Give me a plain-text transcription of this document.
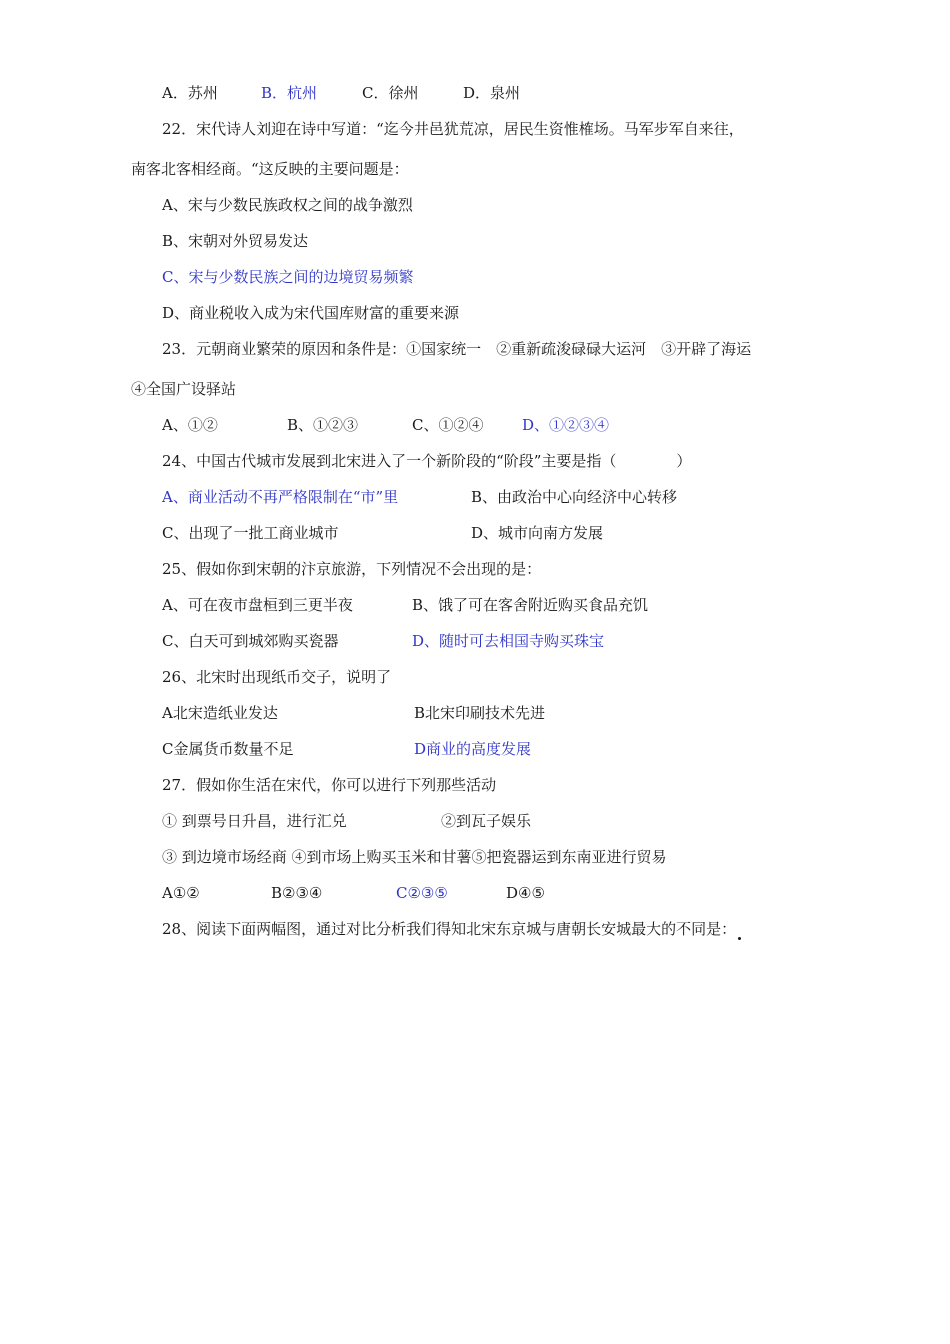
A．苏州	B．杭州	C．徐州	D．泉州
22．宋代诗人刘迎在诗中写道：“迄今井邑犹荒凉，居民生资惟榷场。马军步军自来往，
南客北客相经商。“这反映的主要问题是：
A、宋与少数民族政权之间的战争激烈
B、宋朝对外贸易发达
C、宋与少数民族之间的边境贸易频繁
D、商业税收入成为宋代国库财富的重要来源
23．元朝商业繁荣的原因和条件是：①国家统一　②重新疏浚碌碌大运河　③开辟了海运
④全国广设驿站
A、①②	B、①②③	C、①②④	D、①②③④
24、中国古代城市发展到北宋进入了一个新阶段的“阶段”主要是指（　　　　）
A、商业活动不再严格限制在“市”里	B、由政治中心向经济中心转移
C、出现了一批工商业城市	D、城市向南方发展
25、假如你到宋朝的汴京旅游，下列情况不会出现的是：
A、可在夜市盘桓到三更半夜	B、饿了可在客舍附近购买食品充饥
C、白天可到城郊购买瓷器	D、随时可去相国寺购买珠宝
26、北宋时出现纸币交子，说明了
A北宋造纸业发达	B北宋印刷技术先进
C金属货币数量不足	D商业的高度发展
27．假如你生活在宋代，你可以进行下列那些活动
① 到票号日升昌，进行汇兑	②到瓦子娱乐
③ 到边境市场经商 ④到市场上购买玉米和甘薯⑤把瓷器运到东南亚进行贸易
A①②	B②③④	C②③⑤	D④⑤
28、阅读下面两幅图，通过对比分析我们得知北宋东京城与唐朝长安城最大的不同是：
